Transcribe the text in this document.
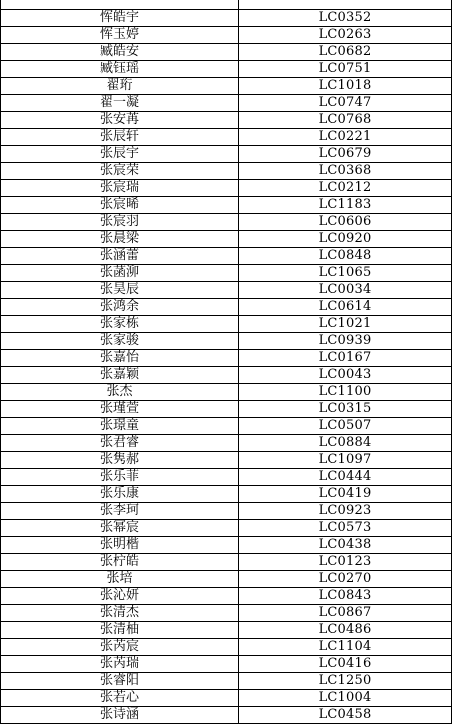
恽皓宇	LC0352
恽玉婷	LC0263
臧皓安	LC0682
臧钰瑶	LC0751
翟珩	LC1018
翟一凝	LC0747
张安苒	LC0768
张辰轩	LC0221
张辰宇	LC0679
张宸荣	LC0368
张宸瑞	LC0212
张宸晞	LC1183
张宸羽	LC0606
张晨梁	LC0920
张涵蕾	LC0848
张菡泖	LC1065
张昊辰	LC0034
张鸿余	LC0614
张家栋	LC1021
张家骏	LC0939
张嘉怡	LC0167
张嘉颖	LC0043
张杰	LC1100
张瑾萱	LC0315
张璟童	LC0507
张君睿	LC0884
张隽郝	LC1097
张乐菲	LC0444
张乐康	LC0419
张李珂	LC0923
张幂宸	LC0573
张明楷	LC0438
张柠皓	LC0123
张培	LC0270
张沁妍	LC0843
张清杰	LC0867
张清柚	LC0486
张芮宸	LC1104
张芮瑞	LC0416
张睿阳	LC1250
张若心	LC1004
张诗涵	LC0458
